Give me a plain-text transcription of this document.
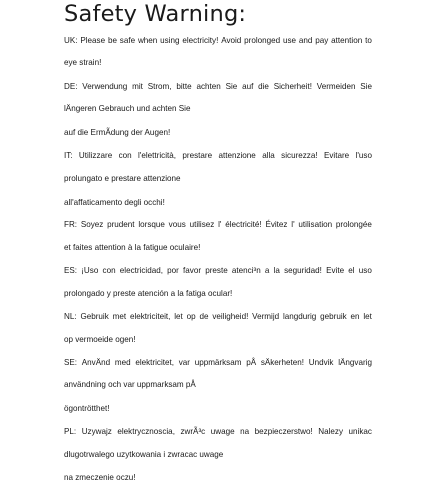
Safety Warning:

UK: Please be safe when using electricity! Avoid prolonged use and pay attention to

eye strain!

DE: Verwendung mit Strom, bitte achten Sie auf die Sicherheit! Vermeiden Sie

lÄngeren Gebrauch und achten Sie

auf die ErmÃdung der Augen!

IT: Utilizzare con l'elettricità, prestare attenzione alla sicurezza! Evitare l'uso

prolungato e prestare attenzione

all'affaticamento degli occhi!

FR: Soyez prudent lorsque vous utilisez l' électricité! Évitez l' utilisation prolongée

et faites attention à la fatigue oculaire!

ES: ¡Uso con electricidad, por favor preste atenci³n a la seguridad! Evite el uso

prolongado y preste atención a la fatiga ocular!

NL: Gebruik met elektriciteit, let op de veiligheid! Vermijd langdurig gebruik en let

op vermoeide ogen!

SE: AnvÄnd med elektricitet, var uppmärksam pÅ sÄkerheten! Undvik lÄngvarig

användning och var uppmarksam pÅ

ögontrötthet!

PL: Uzywajz elektrycznoscia, zwrÃ³c uwage na bezpieczerstwo! Nalezy unikac

dlugotrwalego uzytkowania i zwracac uwage

na zmeczenie oczu!
